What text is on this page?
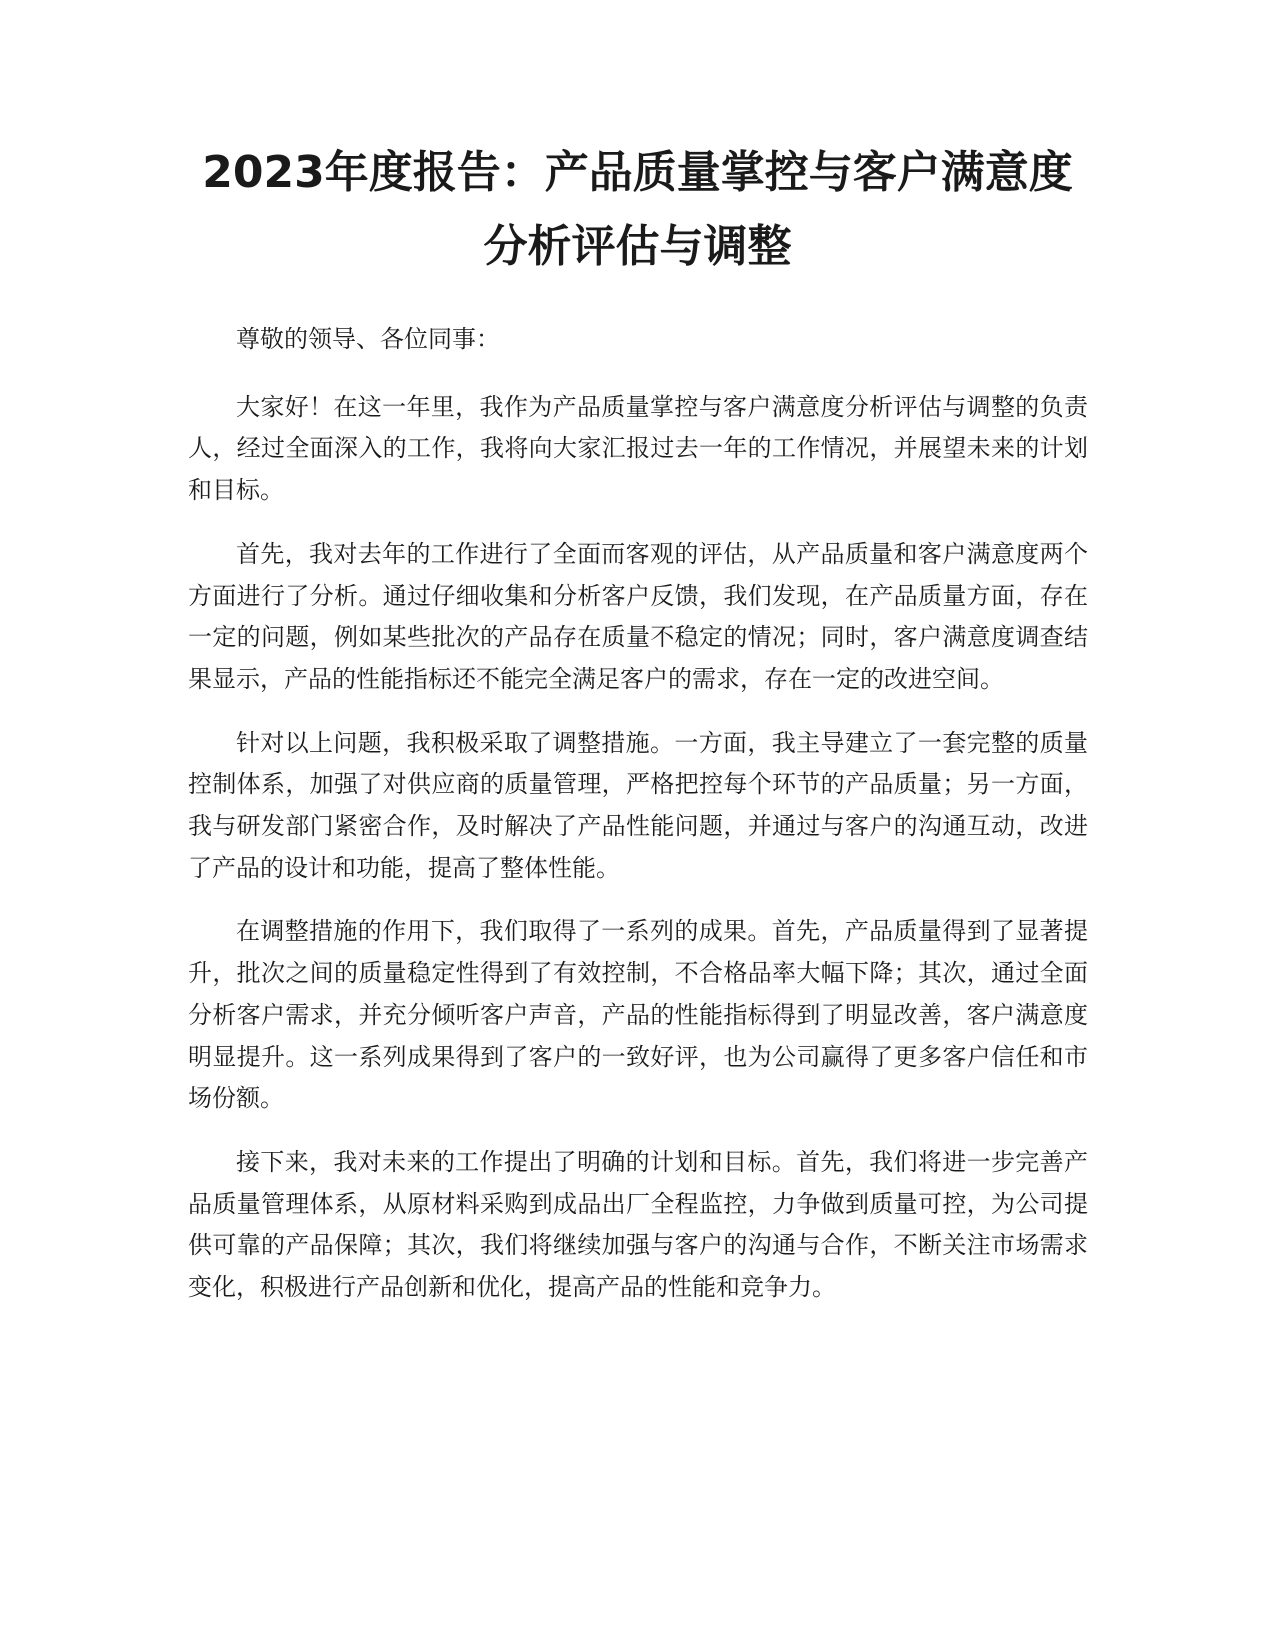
2023年度报告：产品质量掌控与客户满意度
分析评估与调整

尊敬的领导、各位同事：

大家好！在这一年里，我作为产品质量掌控与客户满意度分析评估与调整的负责人，经过全面深入的工作，我将向大家汇报过去一年的工作情况，并展望未来的计划和目标。

首先，我对去年的工作进行了全面而客观的评估，从产品质量和客户满意度两个方面进行了分析。通过仔细收集和分析客户反馈，我们发现，在产品质量方面，存在一定的问题，例如某些批次的产品存在质量不稳定的情况；同时，客户满意度调查结果显示，产品的性能指标还不能完全满足客户的需求，存在一定的改进空间。

针对以上问题，我积极采取了调整措施。一方面，我主导建立了一套完整的质量控制体系，加强了对供应商的质量管理，严格把控每个环节的产品质量；另一方面，我与研发部门紧密合作，及时解决了产品性能问题，并通过与客户的沟通互动，改进了产品的设计和功能，提高了整体性能。

在调整措施的作用下，我们取得了一系列的成果。首先，产品质量得到了显著提升，批次之间的质量稳定性得到了有效控制，不合格品率大幅下降；其次，通过全面分析客户需求，并充分倾听客户声音，产品的性能指标得到了明显改善，客户满意度明显提升。这一系列成果得到了客户的一致好评，也为公司赢得了更多客户信任和市场份额。

接下来，我对未来的工作提出了明确的计划和目标。首先，我们将进一步完善产品质量管理体系，从原材料采购到成品出厂全程监控，力争做到质量可控，为公司提供可靠的产品保障；其次，我们将继续加强与客户的沟通与合作，不断关注市场需求变化，积极进行产品创新和优化，提高产品的性能和竞争力。
